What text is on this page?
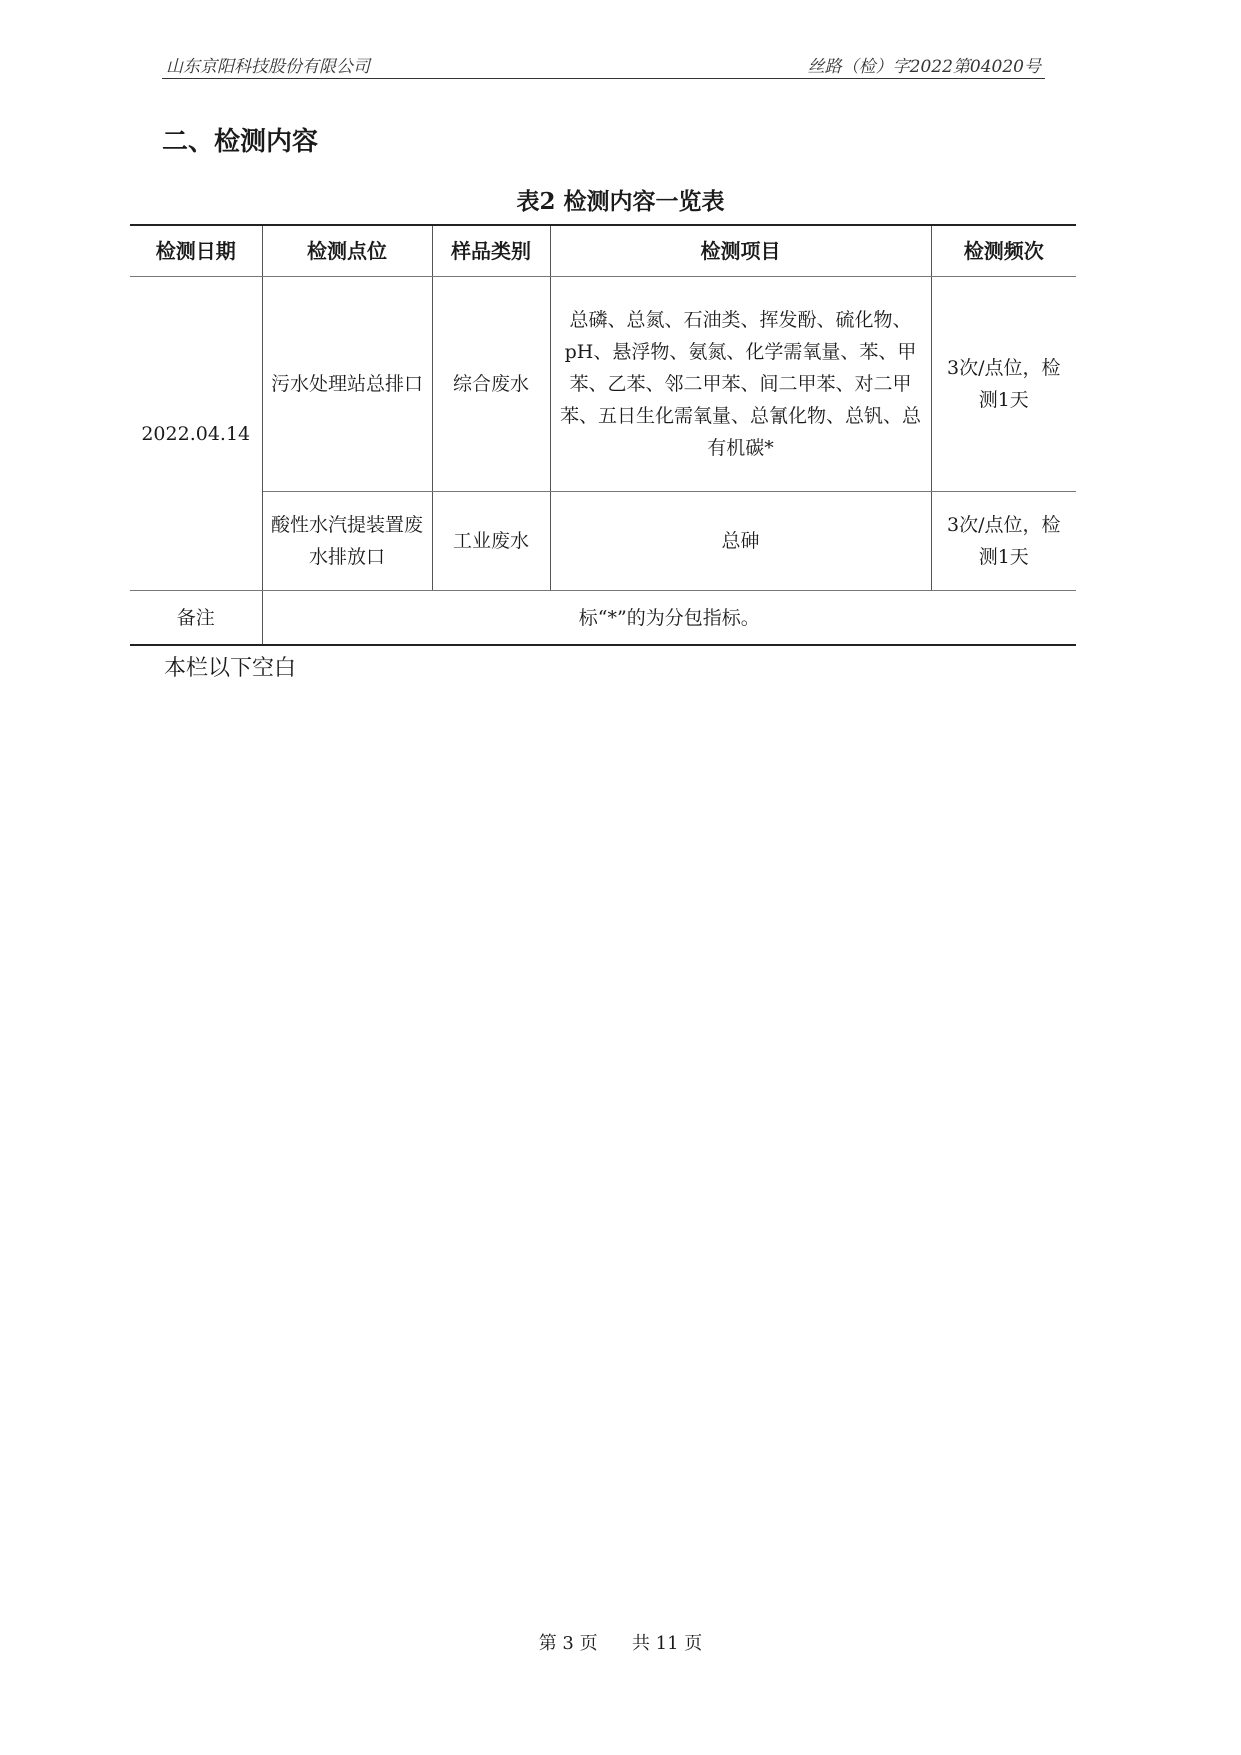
山东京阳科技股份有限公司	丝路（检）字2022第04020号
二、检测内容
表2 检测内容一览表
检测日期	检测点位	样品类别	检测项目	检测频次
2022.04.14	污水处理站总排口	综合废水	总磷、总氮、石油类、挥发酚、硫化物、pH、悬浮物、氨氮、化学需氧量、苯、甲苯、乙苯、邻二甲苯、间二甲苯、对二甲苯、五日生化需氧量、总氰化物、总钒、总有机碳*	3次/点位，检测1天
	酸性水汽提装置废水排放口	工业废水	总砷	3次/点位，检测1天
备注	标“*”的为分包指标。			
本栏以下空白
第 3 页 共 11 页
